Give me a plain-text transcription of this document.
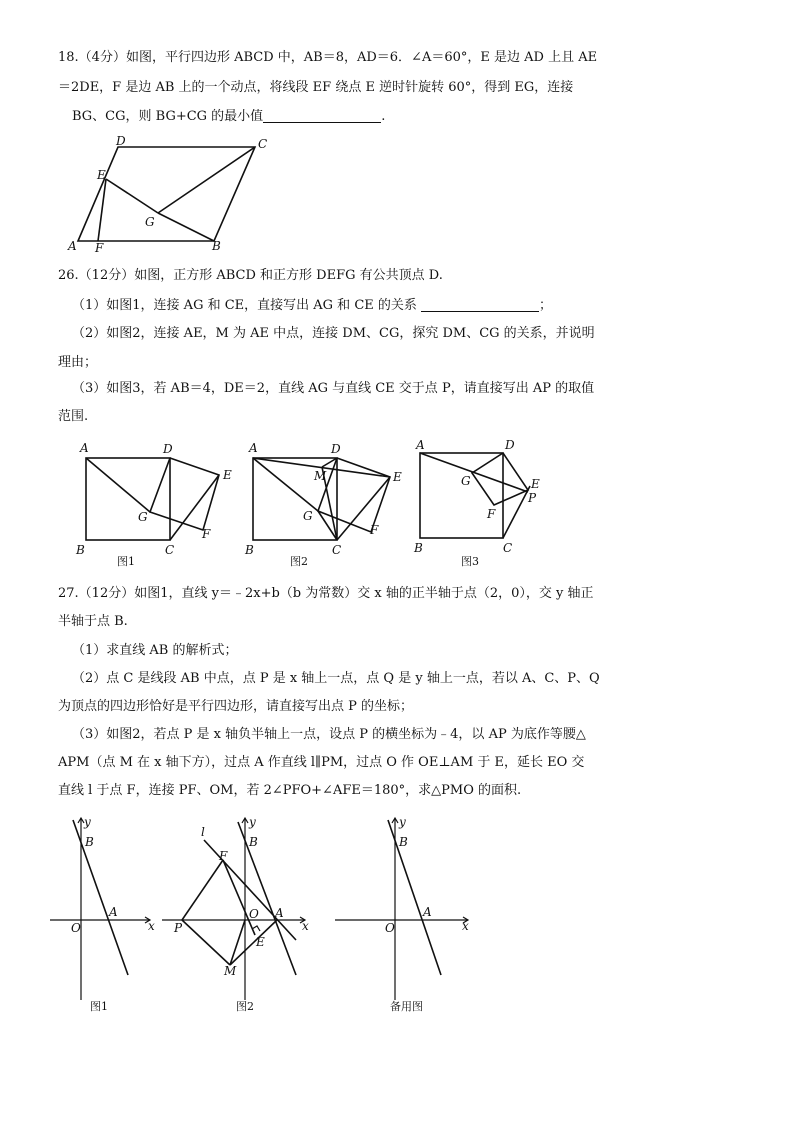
18.（4分）如图，平行四边形 ABCD 中，AB＝8，AD＝6．∠A＝60°，E 是边 AD 上且 AE
＝2DE，F 是边 AB 上的一个动点，将线段 EF 绕点 E 逆时针旋转 60°，得到 EG，连接
BG、CG，则 BG+CG 的最小值	.
D	C
E
G
A F	B
26.（12分）如图，正方形 ABCD 和正方形 DEFG 有公共顶点 D.
（1）如图1，连接 AG 和 CE，直接写出 AG 和 CE 的关系	；
（2）如图2，连接 AE，M 为 AE 中点，连接 DM、CG，探究 DM、CG 的关系，并说明
理由；
（3）如图3，若 AB＝4，DE＝2，直线 AG 与直线 CE 交于点 P，请直接写出 AP 的取值
范围.
A	D
E
G
F
B	C
图1
A	D
M	E
G
F
B	C
图2
A	D
G	E
P
F
B	C
图3
27.（12分）如图1，直线 y＝﹣2x+b（b 为常数）交 x 轴的正半轴于点（2，0），交 y 轴正
半轴于点 B.
（1）求直线 AB 的解析式；
（2）点 C 是线段 AB 中点，点 P 是 x 轴上一点，点 Q 是 y 轴上一点，若以 A、C、P、Q
为顶点的四边形恰好是平行四边形，请直接写出点 P 的坐标；
（3）如图2，若点 P 是 x 轴负半轴上一点，设点 P 的横坐标为﹣4，以 AP 为底作等腰△
APM（点 M 在 x 轴下方），过点 A 作直线 l∥PM，过点 O 作 OE⊥AM 于 E，延长 EO 交
直线 l 于点 F，连接 PF、OM，若 2∠PFO+∠AFE＝180°，求△PMO 的面积.
y
B
O
A
x
图1
l
y
F
B
P
O A
x
E
M
图2
y
B
O
A
x
备用图
